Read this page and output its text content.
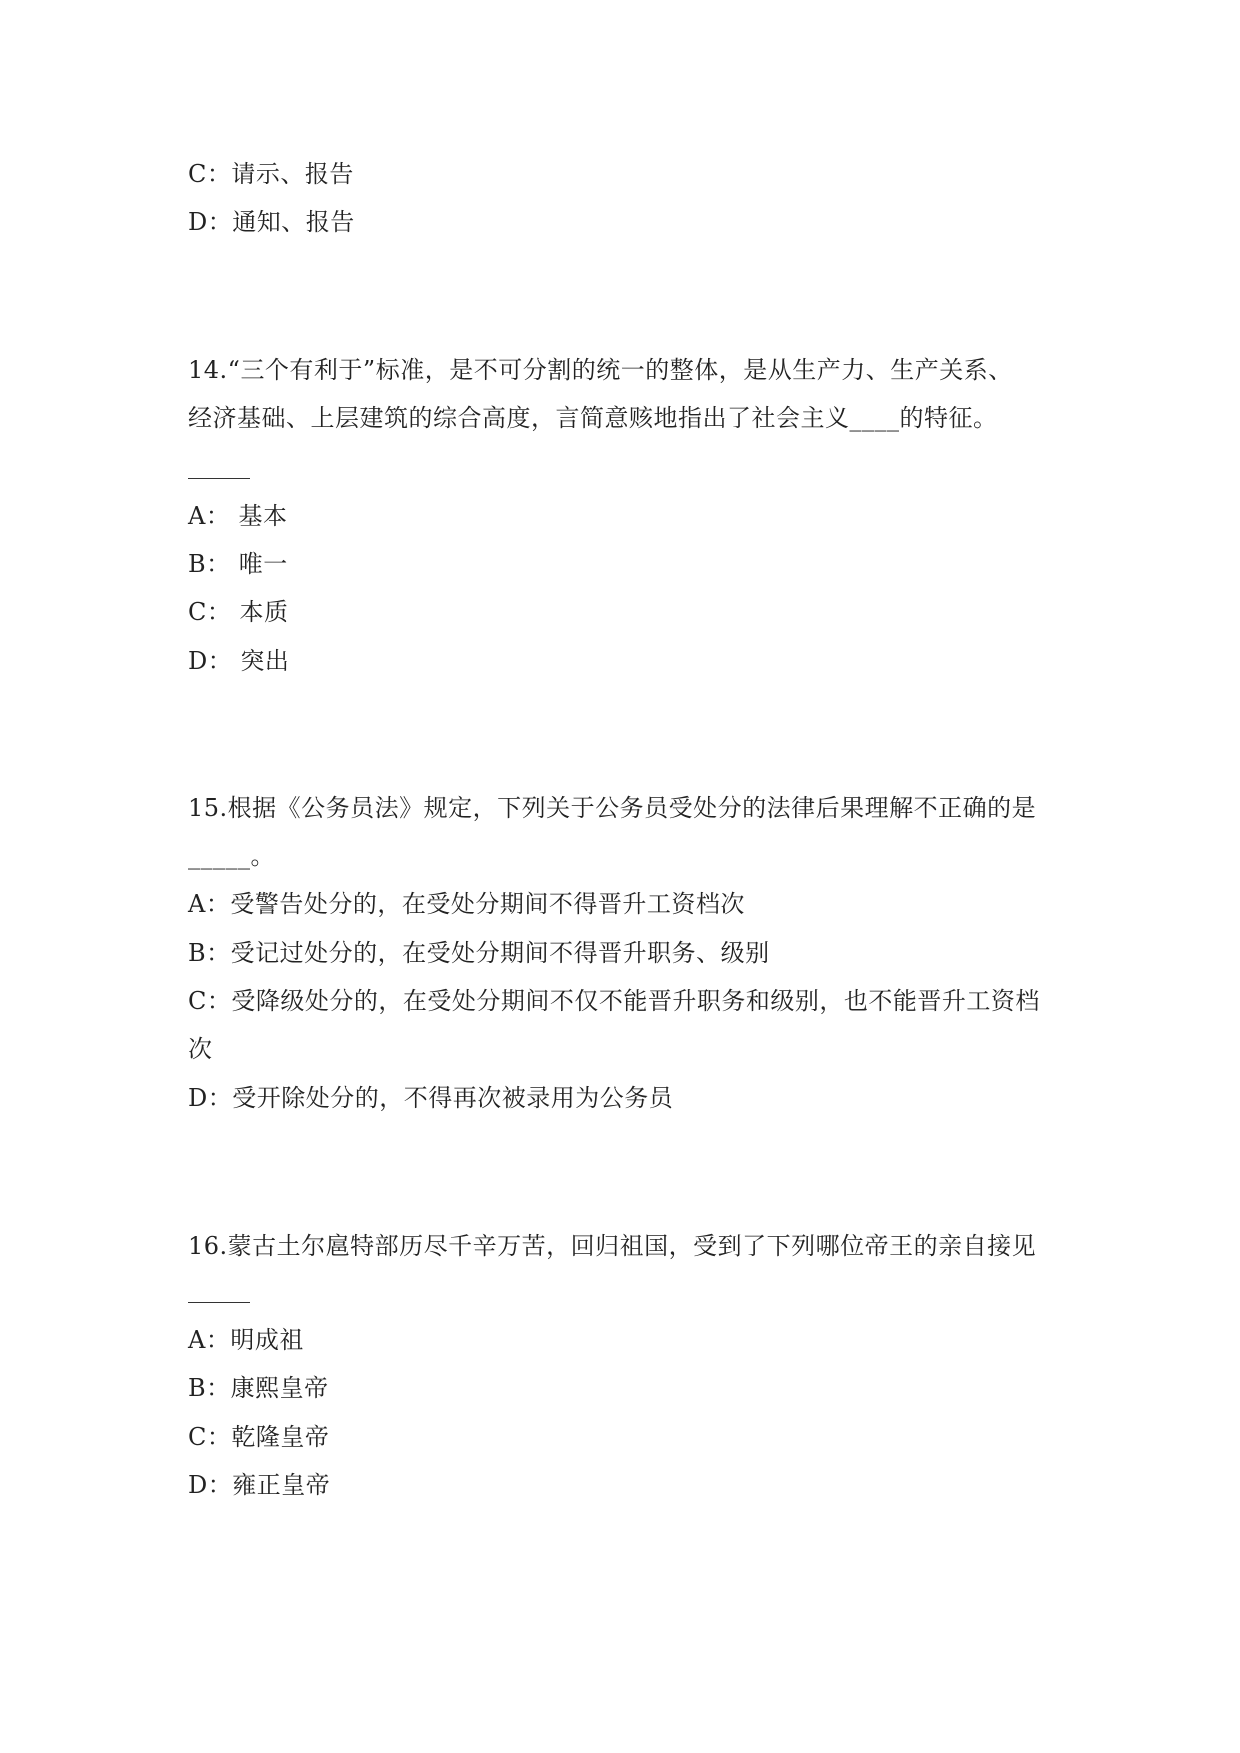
C：请示、报告
D：通知、报告
14.“三个有利于”标准，是不可分割的统一的整体，是从生产力、生产关系、
经济基础、上层建筑的综合高度，言简意赅地指出了社会主义____的特征。
A： 基本
B： 唯一
C： 本质
D： 突出
15.根据《公务员法》规定，下列关于公务员受处分的法律后果理解不正确的是
_____。
A：受警告处分的，在受处分期间不得晋升工资档次
B：受记过处分的，在受处分期间不得晋升职务、级别
C：受降级处分的，在受处分期间不仅不能晋升职务和级别，也不能晋升工资档
次
D：受开除处分的，不得再次被录用为公务员
16.蒙古土尔扈特部历尽千辛万苦，回归祖国，受到了下列哪位帝王的亲自接见
A：明成祖
B：康熙皇帝
C：乾隆皇帝
D：雍正皇帝
